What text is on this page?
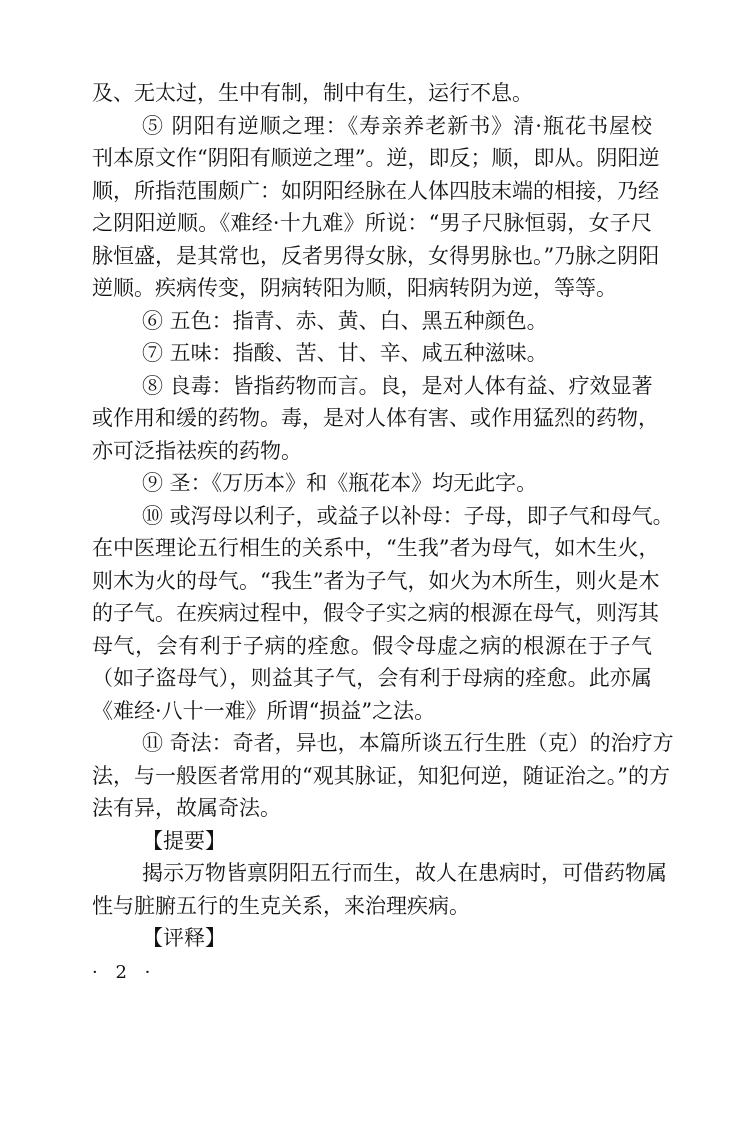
及、无太过，生中有制，制中有生，运行不息。
⑤ 阴阳有逆顺之理：《寿亲养老新书》清·瓶花书屋校
刊本原文作“阴阳有顺逆之理”。逆，即反；顺，即从。阴阳逆
顺，所指范围颇广：如阴阳经脉在人体四肢末端的相接，乃经
之阴阳逆顺。《难经·十九难》所说：“男子尺脉恒弱，女子尺
脉恒盛，是其常也，反者男得女脉，女得男脉也。”乃脉之阴阳
逆顺。疾病传变，阴病转阳为顺，阳病转阴为逆，等等。
⑥ 五色：指青、赤、黄、白、黑五种颜色。
⑦ 五味：指酸、苦、甘、辛、咸五种滋味。
⑧ 良毒：皆指药物而言。良，是对人体有益、疗效显著
或作用和缓的药物。毒，是对人体有害、或作用猛烈的药物，
亦可泛指祛疾的药物。
⑨ 圣：《万历本》和《瓶花本》均无此字。
⑩ 或泻母以利子，或益子以补母：子母，即子气和母气。
在中医理论五行相生的关系中，“生我”者为母气，如木生火，
则木为火的母气。“我生”者为子气，如火为木所生，则火是木
的子气。在疾病过程中，假令子实之病的根源在母气，则泻其
母气，会有利于子病的痊愈。假令母虚之病的根源在于子气
（如子盗母气），则益其子气，会有利于母病的痊愈。此亦属
《难经·八十一难》所谓“损益”之法。
⑪ 奇法：奇者，异也，本篇所谈五行生胜（克）的治疗方
法，与一般医者常用的“观其脉证，知犯何逆，随证治之。”的方
法有异，故属奇法。
【提要】
揭示万物皆禀阴阳五行而生，故人在患病时，可借药物属
性与脏腑五行的生克关系，来治理疾病。
【评释】
· 2 ·
